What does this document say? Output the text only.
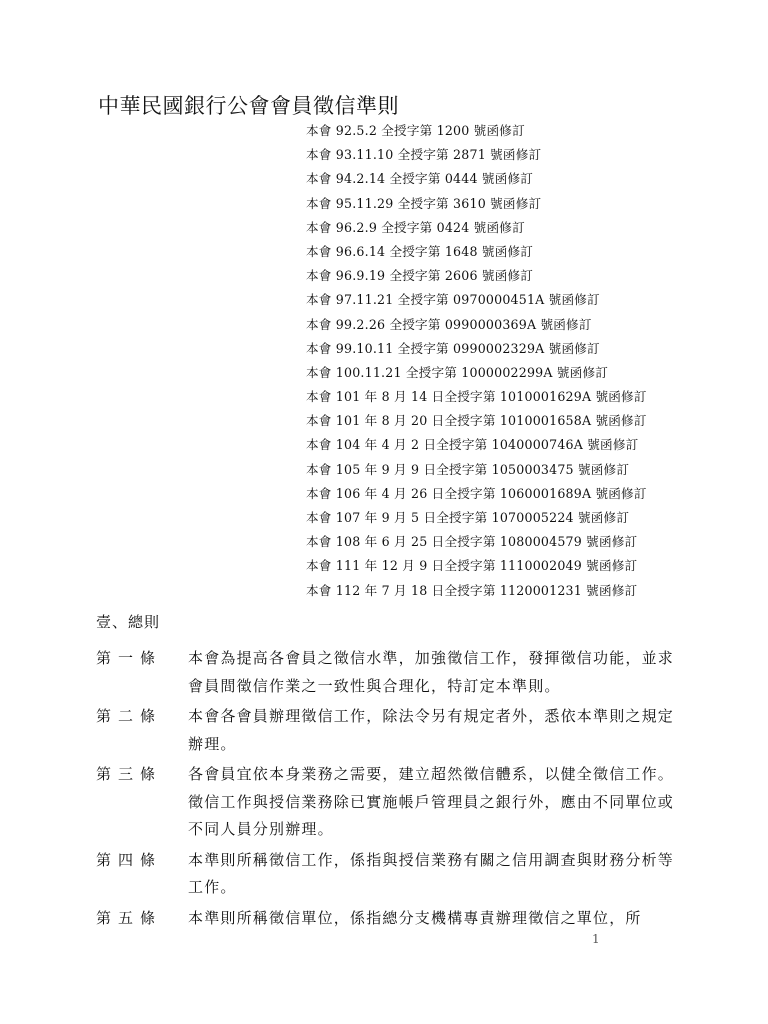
中華民國銀行公會會員徵信準則
本會 92.5.2 全授字第 1200 號函修訂
本會 93.11.10 全授字第 2871 號函修訂
本會 94.2.14 全授字第 0444 號函修訂
本會 95.11.29 全授字第 3610 號函修訂
本會 96.2.9 全授字第 0424 號函修訂
本會 96.6.14 全授字第 1648 號函修訂
本會 96.9.19 全授字第 2606 號函修訂
本會 97.11.21 全授字第 0970000451A 號函修訂
本會 99.2.26 全授字第 0990000369A 號函修訂
本會 99.10.11 全授字第 0990002329A 號函修訂
本會 100.11.21 全授字第 1000002299A 號函修訂
本會 101 年 8 月 14 日全授字第 1010001629A 號函修訂
本會 101 年 8 月 20 日全授字第 1010001658A 號函修訂
本會 104 年 4 月 2 日全授字第 1040000746A 號函修訂
本會 105 年 9 月 9 日全授字第 1050003475 號函修訂
本會 106 年 4 月 26 日全授字第 1060001689A 號函修訂
本會 107 年 9 月 5 日全授字第 1070005224 號函修訂
本會 108 年 6 月 25 日全授字第 1080004579 號函修訂
本會 111 年 12 月 9 日全授字第 1110002049 號函修訂
本會 112 年 7 月 18 日全授字第 1120001231 號函修訂
壹、總則
第一條	本會為提高各會員之徵信水準，加強徵信工作，發揮徵信功能，並求會員間徵信作業之一致性與合理化，特訂定本準則。
第二條	本會各會員辦理徵信工作，除法令另有規定者外，悉依本準則之規定辦理。
第三條	各會員宜依本身業務之需要，建立超然徵信體系，以健全徵信工作。徵信工作與授信業務除已實施帳戶管理員之銀行外，應由不同單位或不同人員分別辦理。
第四條	本準則所稱徵信工作，係指與授信業務有關之信用調查與財務分析等工作。
第五條	本準則所稱徵信單位，係指總分支機構專責辦理徵信之單位，所
1
